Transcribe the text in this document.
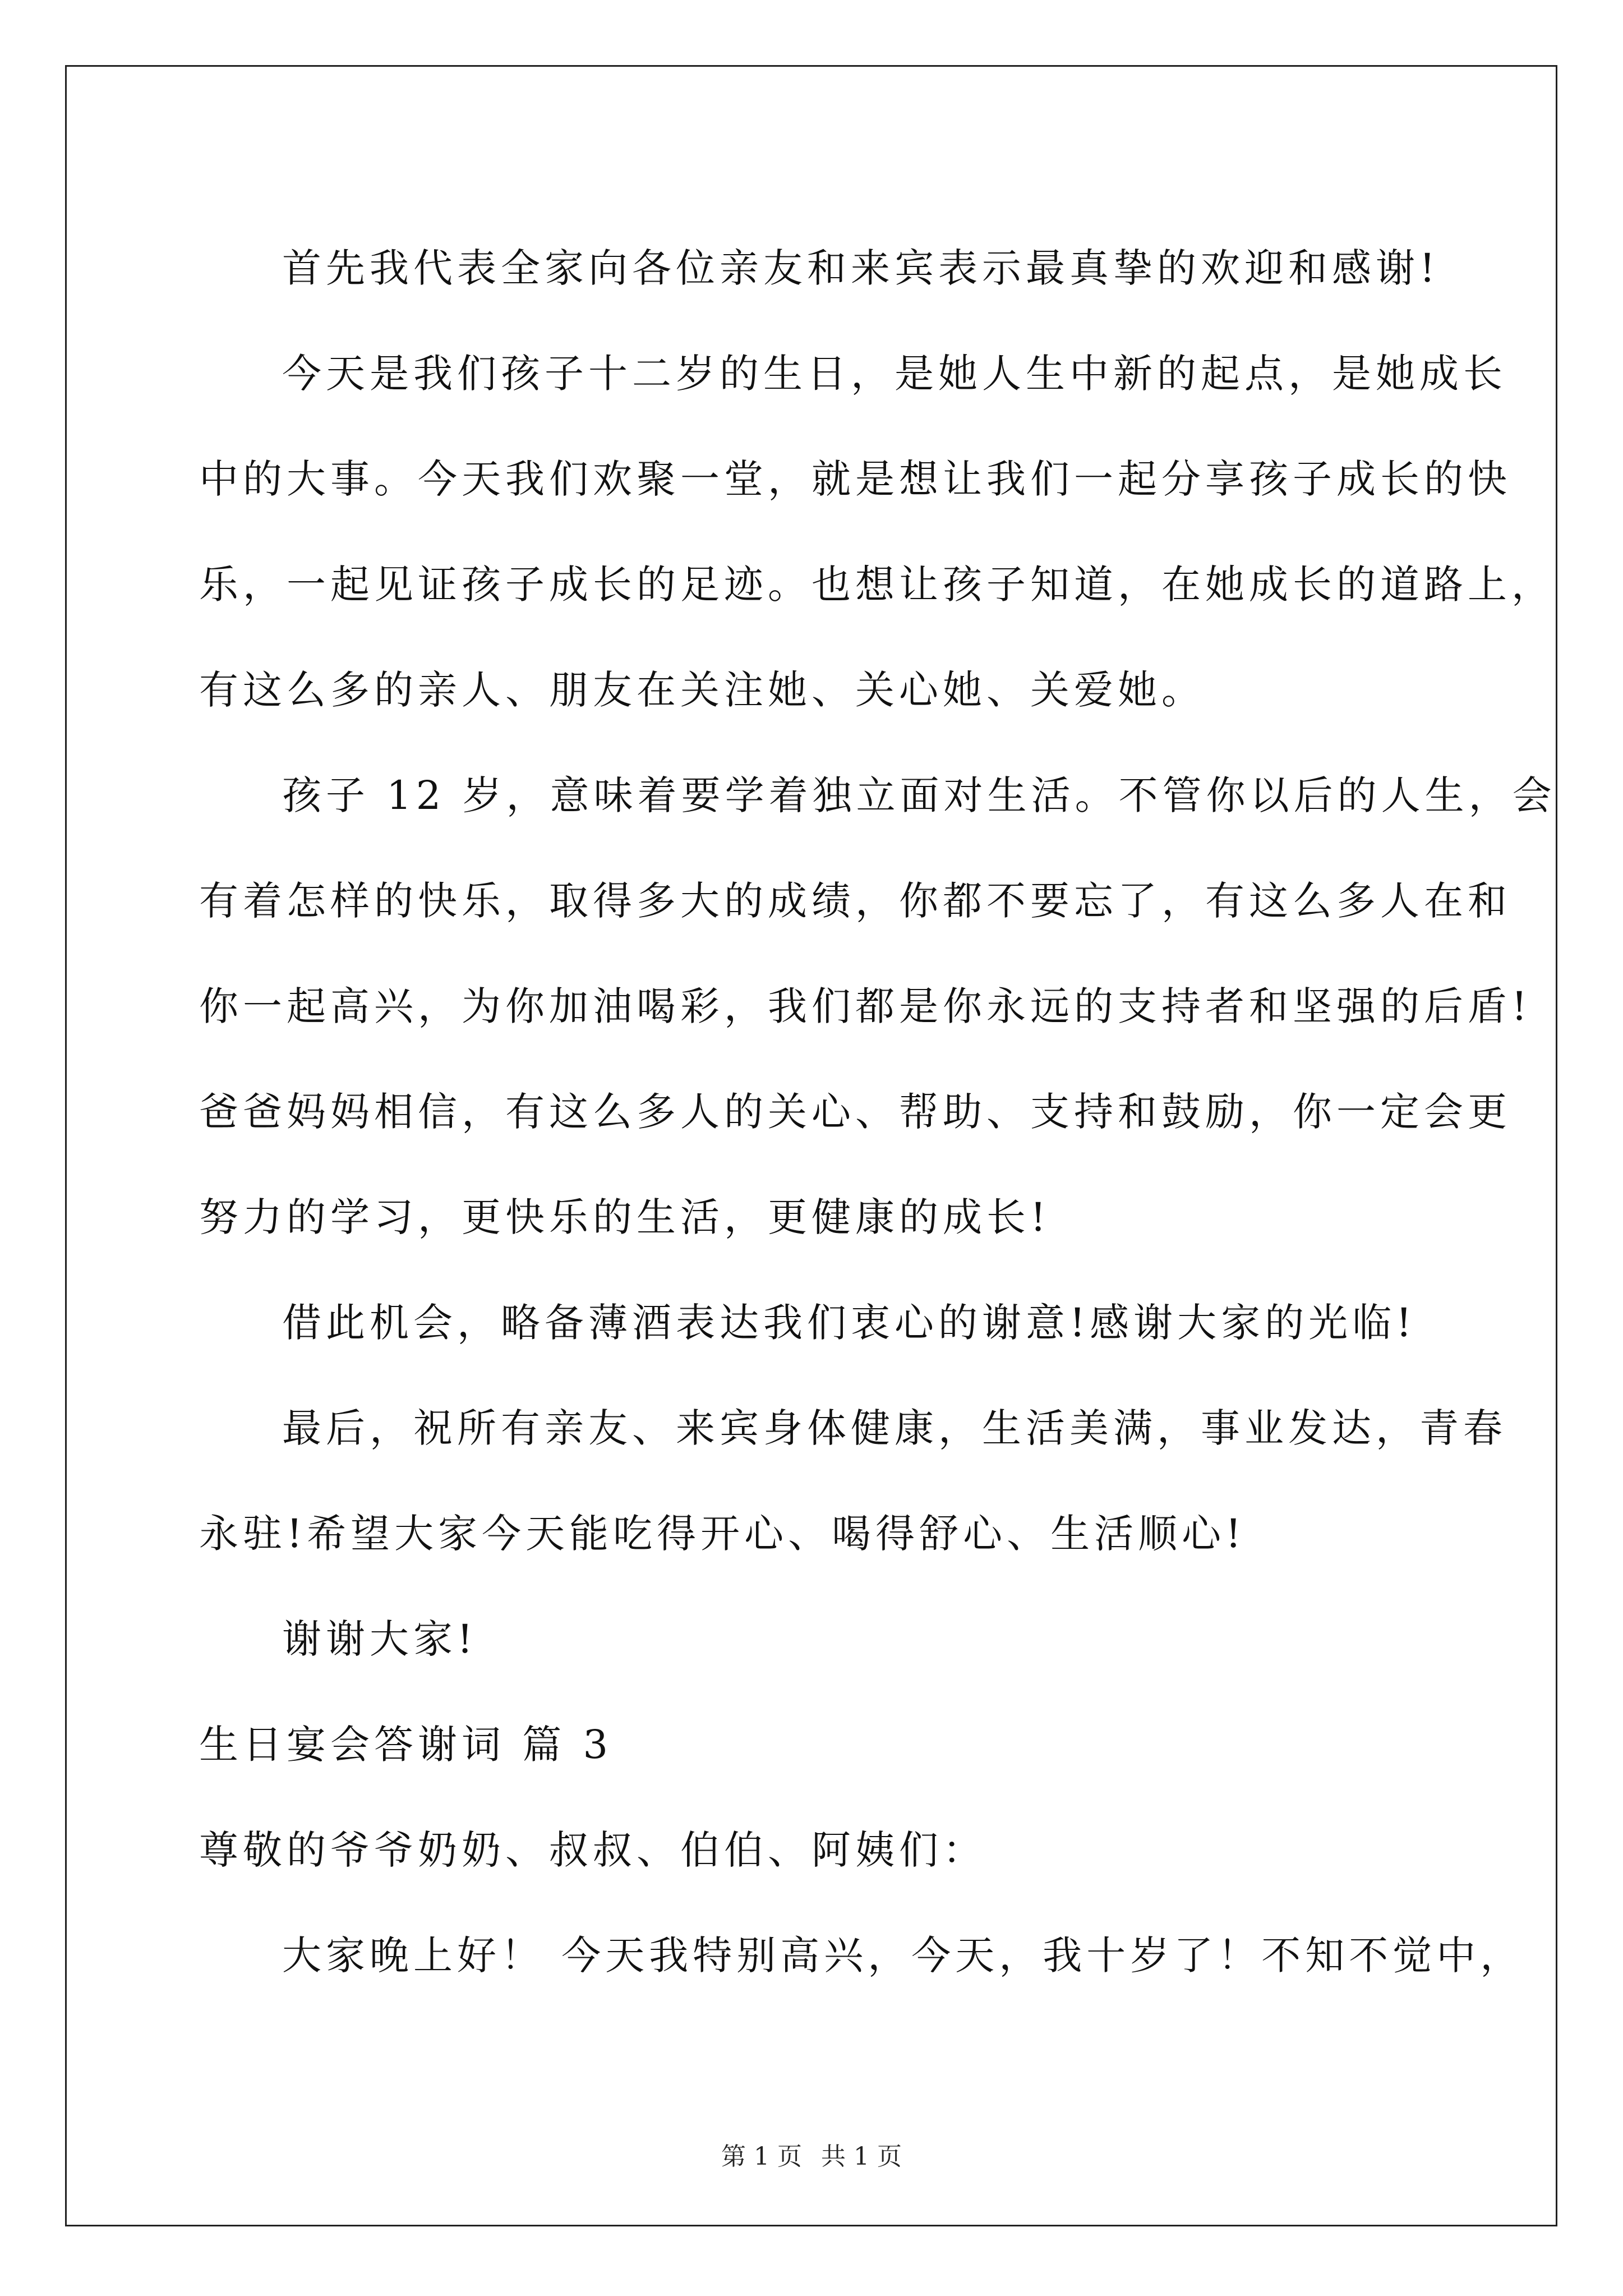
首先我代表全家向各位亲友和来宾表示最真挚的欢迎和感谢!
今天是我们孩子十二岁的生日，是她人生中新的起点，是她成长
中的大事。今天我们欢聚一堂，就是想让我们一起分享孩子成长的快
乐，一起见证孩子成长的足迹。也想让孩子知道，在她成长的道路上，
有这么多的亲人、朋友在关注她、关心她、关爱她。
孩子 12 岁，意味着要学着独立面对生活。不管你以后的人生，会
有着怎样的快乐，取得多大的成绩，你都不要忘了，有这么多人在和
你一起高兴，为你加油喝彩，我们都是你永远的支持者和坚强的后盾!
爸爸妈妈相信，有这么多人的关心、帮助、支持和鼓励，你一定会更
努力的学习，更快乐的生活，更健康的成长!
借此机会，略备薄酒表达我们衷心的谢意!感谢大家的光临!
最后，祝所有亲友、来宾身体健康，生活美满，事业发达，青春
永驻!希望大家今天能吃得开心、喝得舒心、生活顺心!
谢谢大家!
生日宴会答谢词 篇 3
尊敬的爷爷奶奶、叔叔、伯伯、阿姨们：
大家晚上好！ 今天我特别高兴，今天，我十岁了！不知不觉中，
第 1 页 共 1 页
